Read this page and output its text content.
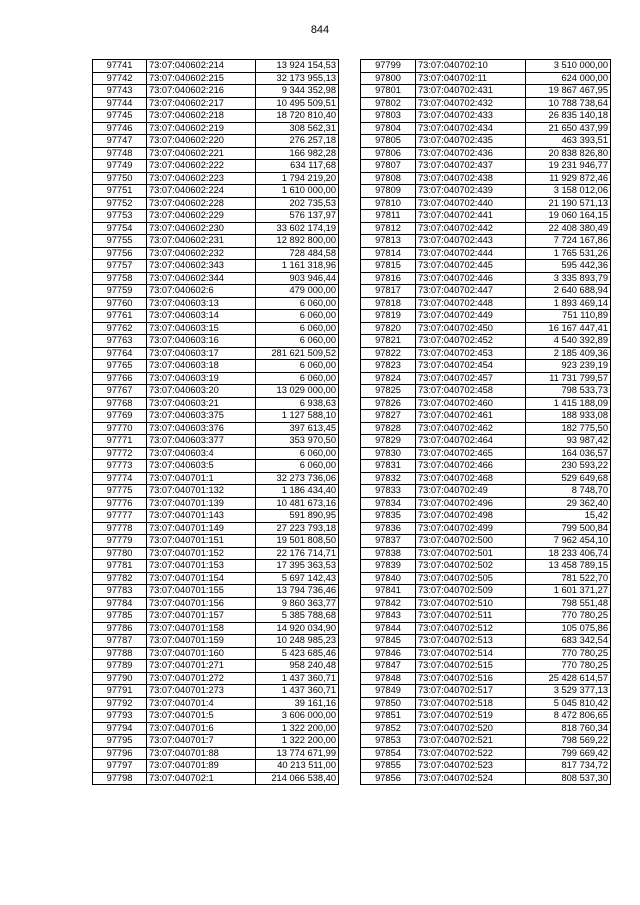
844
97741	73:07:040602:214	13 924 154,53
97742	73:07:040602:215	32 173 955,13
97743	73:07:040602:216	9 344 352,98
97744	73:07:040602:217	10 495 509,51
97745	73:07:040602:218	18 720 810,40
97746	73:07:040602:219	308 562,31
97747	73:07:040602:220	276 257,18
97748	73:07:040602:221	166 982,28
97749	73:07:040602:222	634 117,68
97750	73:07:040602:223	1 794 219,20
97751	73:07:040602:224	1 610 000,00
97752	73:07:040602:228	202 735,53
97753	73:07:040602:229	576 137,97
97754	73:07:040602:230	33 602 174,19
97755	73:07:040602:231	12 892 800,00
97756	73:07:040602:232	728 484,58
97757	73:07:040602:343	1 161 318,96
97758	73:07:040602:344	903 946,44
97759	73:07:040602:6	479 000,00
97760	73:07:040603:13	6 060,00
97761	73:07:040603:14	6 060,00
97762	73:07:040603:15	6 060,00
97763	73:07:040603:16	6 060,00
97764	73:07:040603:17	281 621 509,52
97765	73:07:040603:18	6 060,00
97766	73:07:040603:19	6 060,00
97767	73:07:040603:20	13 029 000,00
97768	73:07:040603:21	6 938,63
97769	73:07:040603:375	1 127 588,10
97770	73:07:040603:376	397 613,45
97771	73:07:040603:377	353 970,50
97772	73:07:040603:4	6 060,00
97773	73:07:040603:5	6 060,00
97774	73:07:040701:1	32 273 736,06
97775	73:07:040701:132	1 186 434,40
97776	73:07:040701:139	10 481 673,16
97777	73:07:040701:143	591 890,95
97778	73:07:040701:149	27 223 793,18
97779	73:07:040701:151	19 501 808,50
97780	73:07:040701:152	22 176 714,71
97781	73:07:040701:153	17 395 363,53
97782	73:07:040701:154	5 697 142,43
97783	73:07:040701:155	13 794 736,46
97784	73:07:040701:156	9 860 363,77
97785	73:07:040701:157	5 385 788,68
97786	73:07:040701:158	14 920 034,90
97787	73:07:040701:159	10 248 985,23
97788	73:07:040701:160	5 423 685,46
97789	73:07:040701:271	958 240,48
97790	73:07:040701:272	1 437 360,71
97791	73:07:040701:273	1 437 360,71
97792	73:07:040701:4	39 161,16
97793	73:07:040701:5	3 606 000,00
97794	73:07:040701:6	1 322 200,00
97795	73:07:040701:7	1 322 200,00
97796	73:07:040701:88	13 774 671,99
97797	73:07:040701:89	40 213 511,00
97798	73:07:040702:1	214 066 538,40
97799	73:07:040702:10	3 510 000,00
97800	73:07:040702:11	624 000,00
97801	73:07:040702:431	19 867 467,95
97802	73:07:040702:432	10 788 738,64
97803	73:07:040702:433	26 835 140,18
97804	73:07:040702:434	21 650 437,99
97805	73:07:040702:435	463 393,51
97806	73:07:040702:436	20 838 826,80
97807	73:07:040702:437	19 231 946,77
97808	73:07:040702:438	11 929 872,46
97809	73:07:040702:439	3 158 012,06
97810	73:07:040702:440	21 190 571,13
97811	73:07:040702:441	19 060 164,15
97812	73:07:040702:442	22 408 380,49
97813	73:07:040702:443	7 724 167,86
97814	73:07:040702:444	1 765 531,26
97815	73:07:040702:445	595 442,36
97816	73:07:040702:446	3 335 893,79
97817	73:07:040702:447	2 640 688,94
97818	73:07:040702:448	1 893 469,14
97819	73:07:040702:449	751 110,89
97820	73:07:040702:450	16 167 447,41
97821	73:07:040702:452	4 540 392,89
97822	73:07:040702:453	2 185 409,36
97823	73:07:040702:454	923 239,19
97824	73:07:040702:457	11 731 799,57
97825	73:07:040702:458	798 533,73
97826	73:07:040702:460	1 415 188,09
97827	73:07:040702:461	188 933,08
97828	73:07:040702:462	182 775,50
97829	73:07:040702:464	93 987,42
97830	73:07:040702:465	164 036,57
97831	73:07:040702:466	230 593,22
97832	73:07:040702:468	529 649,68
97833	73:07:040702:49	8 748,70
97834	73:07:040702:496	29 362,40
97835	73:07:040702:498	15,42
97836	73:07:040702:499	799 500,84
97837	73:07:040702:500	7 962 454,10
97838	73:07:040702:501	18 233 406,74
97839	73:07:040702:502	13 458 789,15
97840	73:07:040702:505	781 522,70
97841	73:07:040702:509	1 601 371,27
97842	73:07:040702:510	798 551,48
97843	73:07:040702:511	770 780,25
97844	73:07:040702:512	105 075,86
97845	73:07:040702:513	683 342,54
97846	73:07:040702:514	770 780,25
97847	73:07:040702:515	770 780,25
97848	73:07:040702:516	25 428 614,57
97849	73:07:040702:517	3 529 377,13
97850	73:07:040702:518	5 045 810,42
97851	73:07:040702:519	8 472 806,65
97852	73:07:040702:520	818 760,34
97853	73:07:040702:521	798 569,22
97854	73:07:040702:522	799 669,42
97855	73:07:040702:523	817 734,72
97856	73:07:040702:524	808 537,30
